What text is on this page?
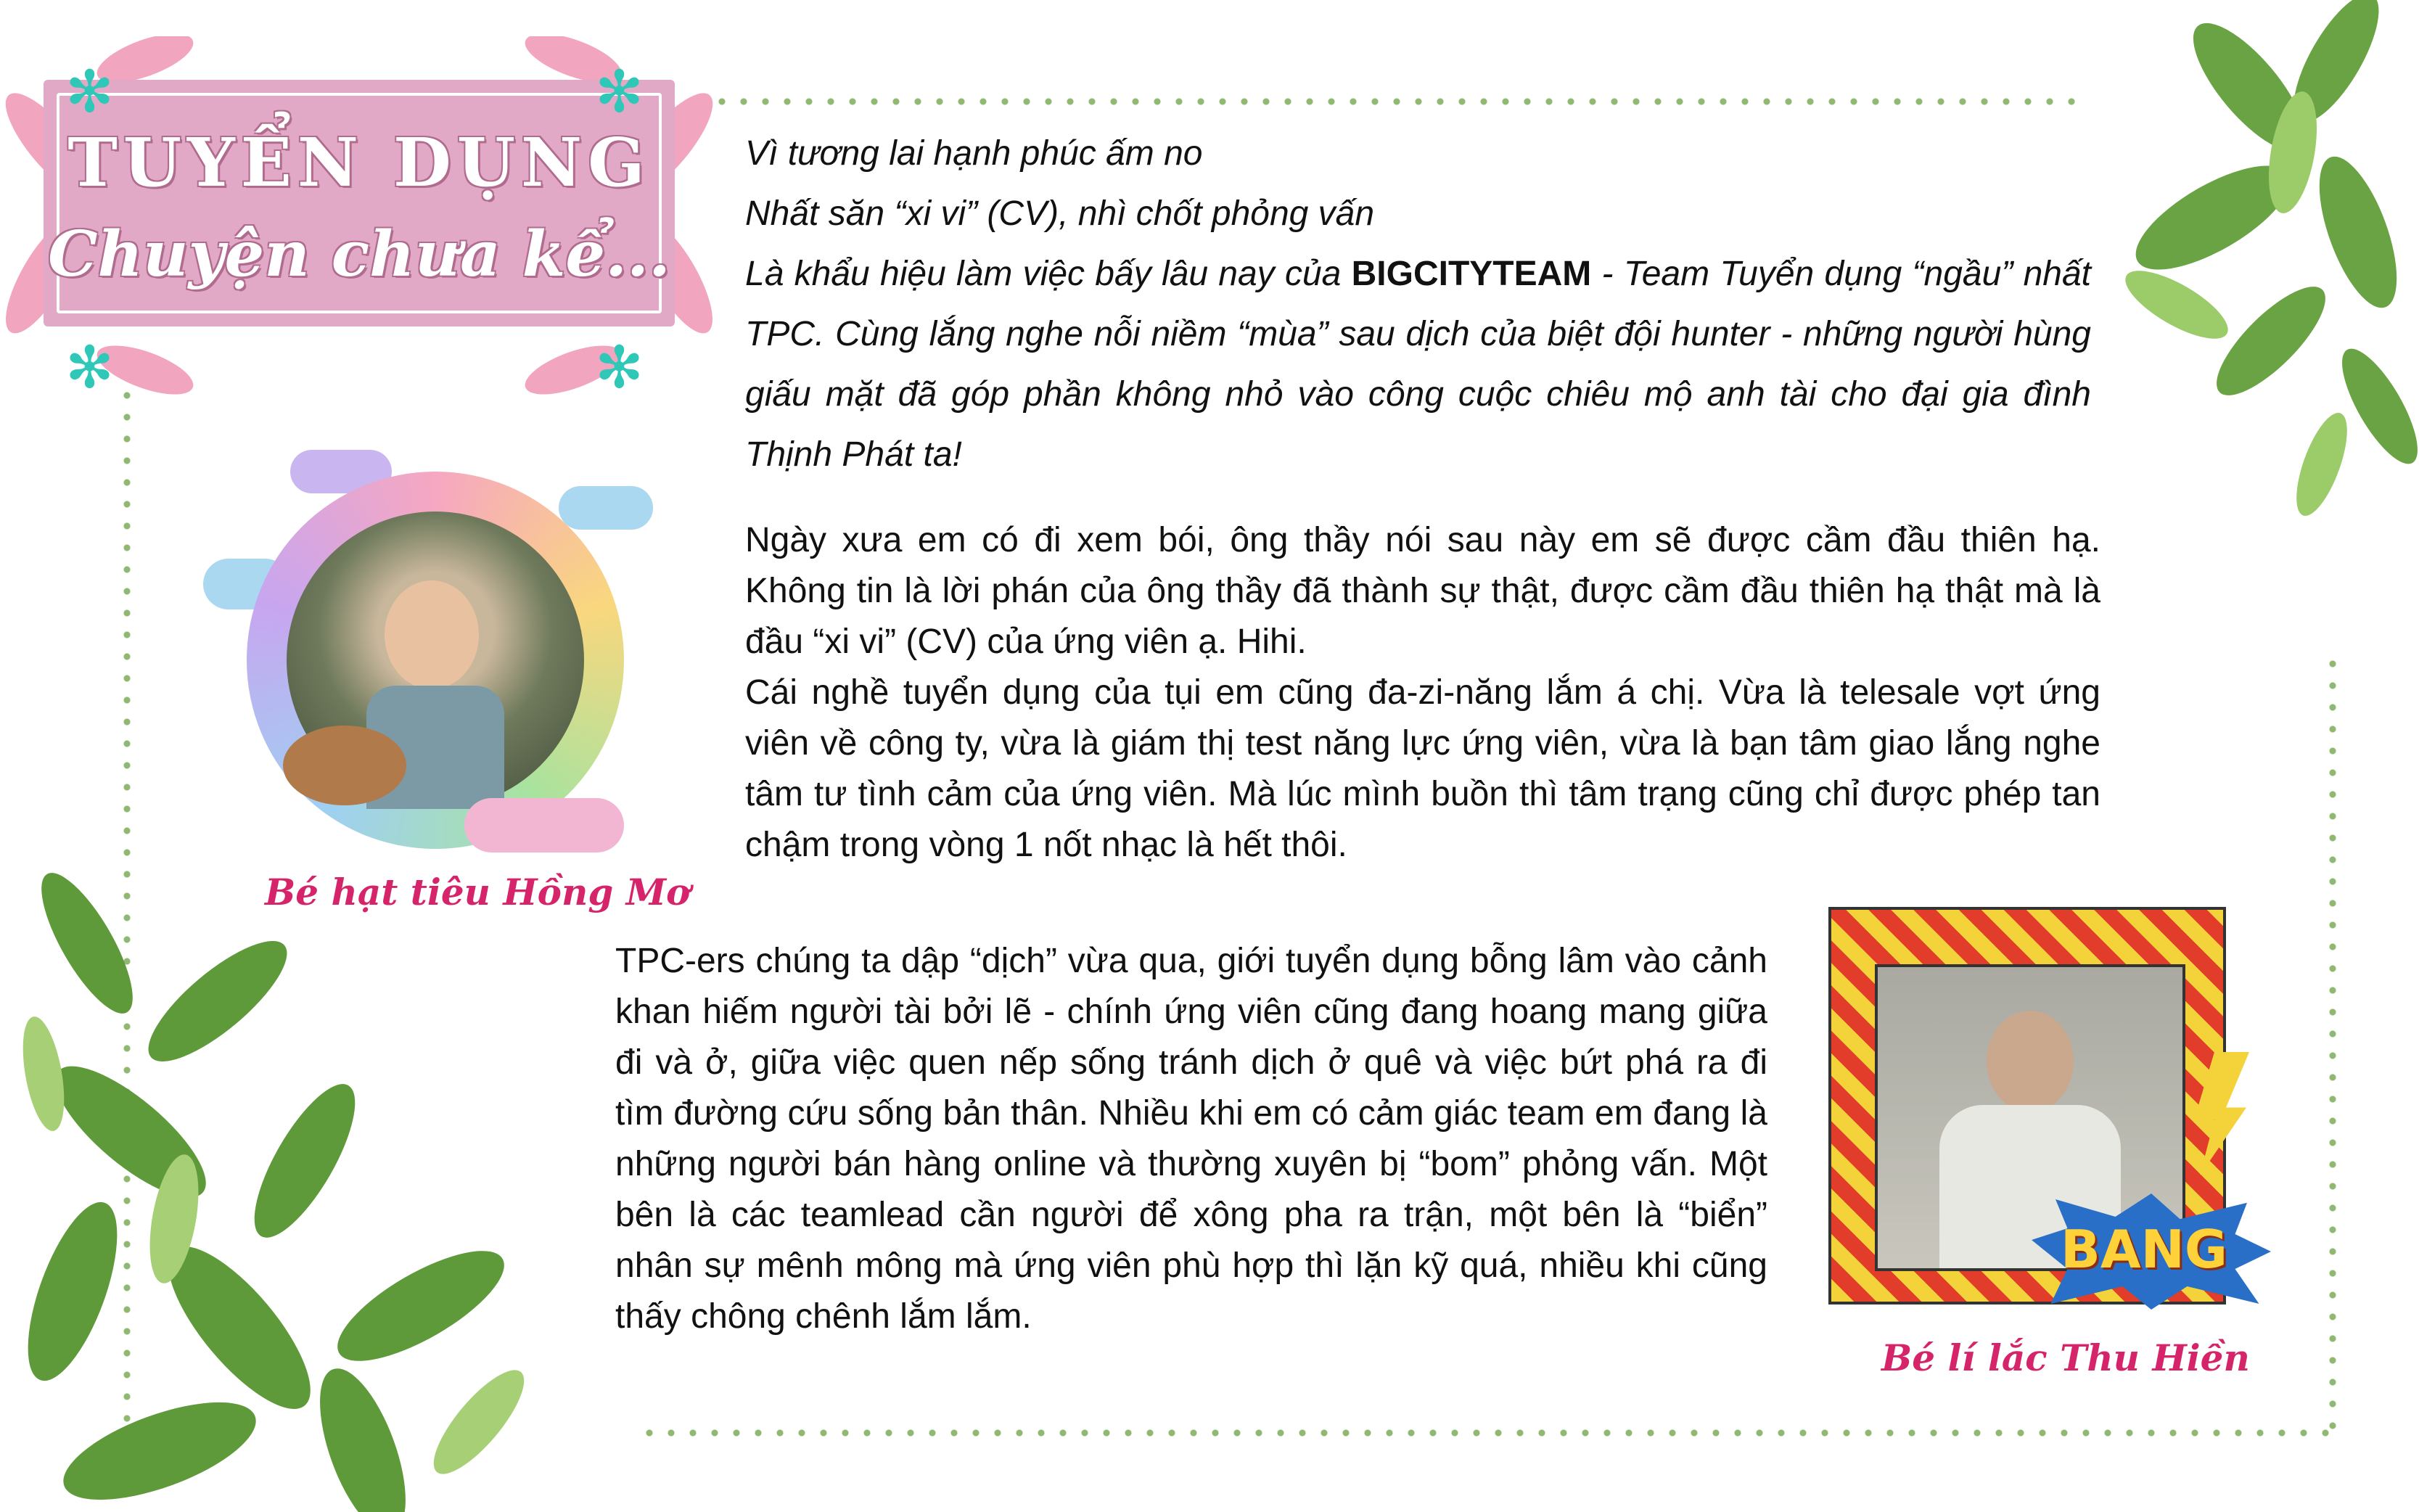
TUYỂN DỤNG
Chuyện chưa kể...
✻	✻
✻	✻
Vì tương lai hạnh phúc ấm no
Nhất săn “xi vi” (CV), nhì chốt phỏng vấn
Là khẩu hiệu làm việc bấy lâu nay của BIGCITYTEAM - Team Tuyển dụng “ngầu” nhất TPC. Cùng lắng nghe nỗi niềm “mùa” sau dịch của biệt đội hunter - những người hùng giấu mặt đã góp phần không nhỏ vào công cuộc chiêu mộ anh tài cho đại gia đình Thịnh Phát ta!
Bé hạt tiêu Hồng Mơ
Ngày xưa em có đi xem bói, ông thầy nói sau này em sẽ được cầm đầu thiên hạ. Không tin là lời phán của ông thầy đã thành sự thật, được cầm đầu thiên hạ thật mà là đầu “xi vi” (CV) của ứng viên ạ. Hihi.
Cái nghề tuyển dụng của tụi em cũng đa-zi-năng lắm á chị. Vừa là telesale vợt ứng viên về công ty, vừa là giám thị test năng lực ứng viên, vừa là bạn tâm giao lắng nghe tâm tư tình cảm của ứng viên. Mà lúc mình buồn thì tâm trạng cũng chỉ được phép tan chậm trong vòng 1 nốt nhạc là hết thôi.
TPC-ers chúng ta dập “dịch” vừa qua, giới tuyển dụng bỗng lâm vào cảnh khan hiếm người tài bởi lẽ - chính ứng viên cũng đang hoang mang giữa đi và ở, giữa việc quen nếp sống tránh dịch ở quê và việc bứt phá ra đi tìm đường cứu sống bản thân. Nhiều khi em có cảm giác team em đang là những người bán hàng online và thường xuyên bị “bom” phỏng vấn. Một bên là các teamlead cần người để xông pha ra trận, một bên là “biển” nhân sự mênh mông mà ứng viên phù hợp thì lặn kỹ quá, nhiều khi cũng thấy chông chênh lắm lắm.
BANG
Bé lí lắc Thu Hiền
